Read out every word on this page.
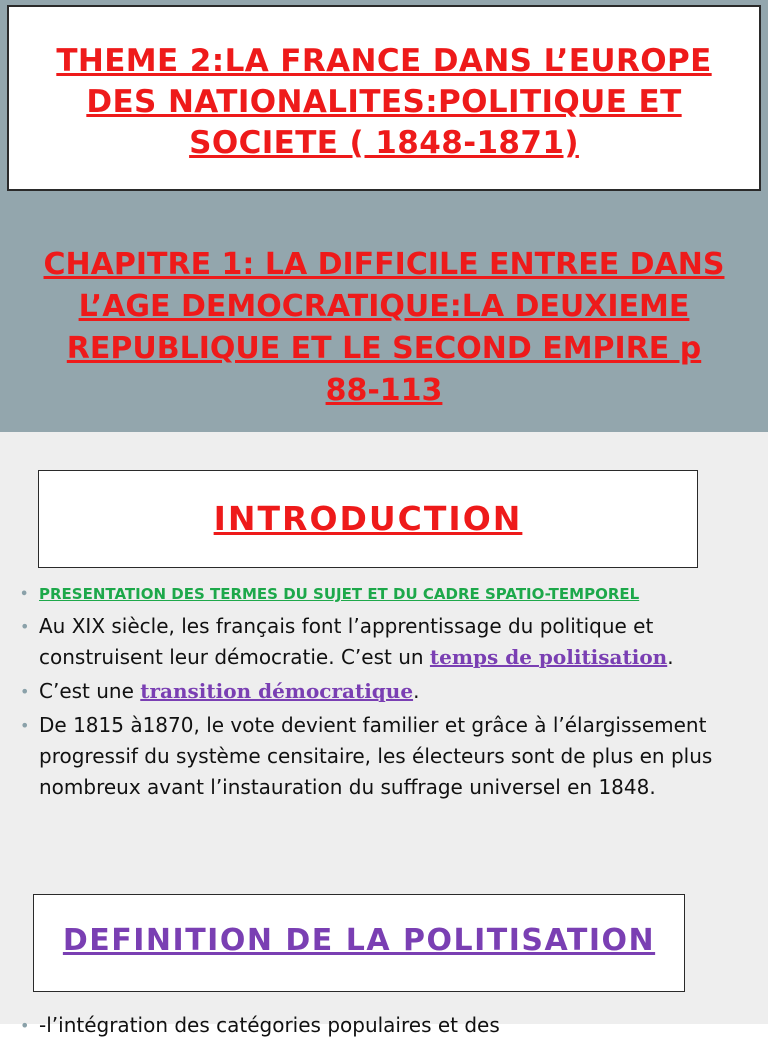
THEME 2:LA FRANCE DANS L’EUROPE DES NATIONALITES:POLITIQUE ET SOCIETE ( 1848-1871)
CHAPITRE 1: LA DIFFICILE ENTREE DANS L’AGE DEMOCRATIQUE:LA DEUXIEME REPUBLIQUE ET LE SECOND EMPIRE p 88-113
INTRODUCTION
• PRESENTATION DES TERMES DU SUJET ET DU CADRE SPATIO-TEMPOREL
• Au XIX siècle, les français font l’apprentissage du politique et construisent leur démocratie. C’est un temps de politisation.
• C’est une transition démocratique.
• De 1815 à1870, le vote devient familier et grâce à l’élargissement progressif du système censitaire, les électeurs sont de plus en plus nombreux avant l’instauration du suffrage universel en 1848.
DEFINITION DE LA POLITISATION
• -l’intégration des catégories populaires et des
